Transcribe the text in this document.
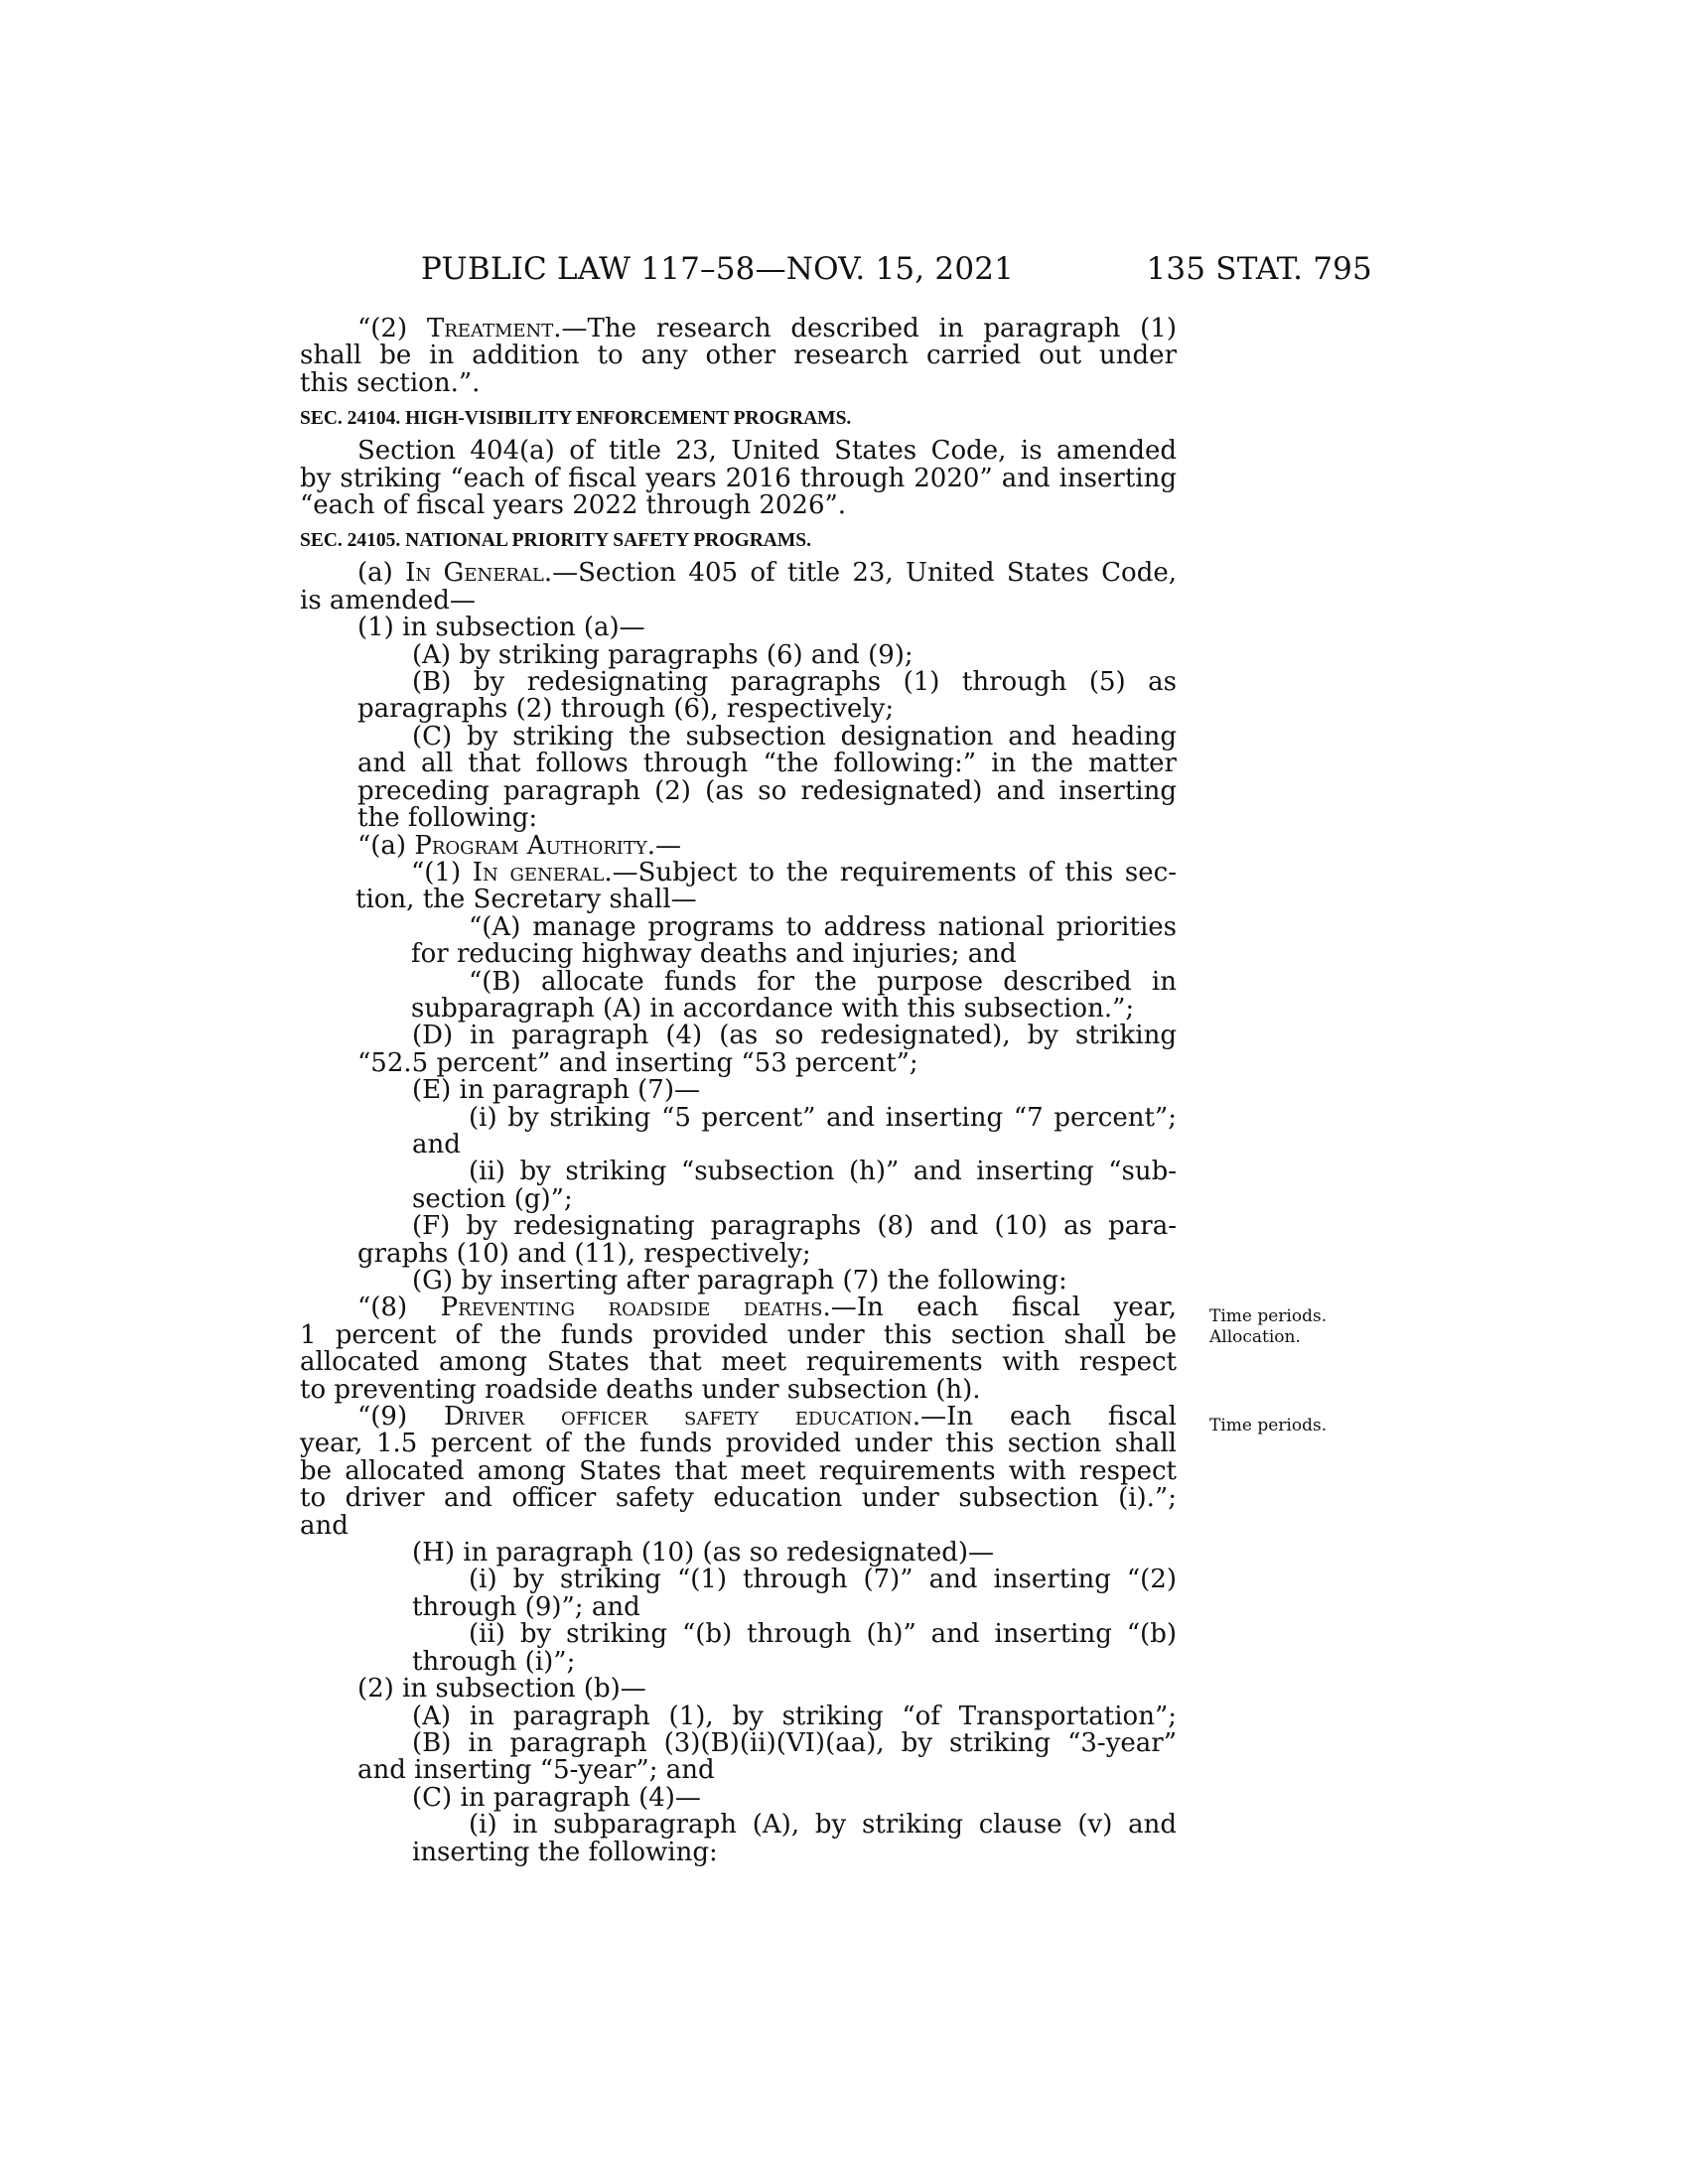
PUBLIC LAW 117–58—NOV. 15, 2021	135 STAT. 795
“(2) Treatment.—The research described in paragraph (1)
shall be in addition to any other research carried out under
this section.”.
SEC. 24104. HIGH-VISIBILITY ENFORCEMENT PROGRAMS.
Section 404(a) of title 23, United States Code, is amended
by striking “each of fiscal years 2016 through 2020” and inserting
“each of fiscal years 2022 through 2026”.
SEC. 24105. NATIONAL PRIORITY SAFETY PROGRAMS.
(a) In General.—Section 405 of title 23, United States Code,
is amended—
(1) in subsection (a)—
(A) by striking paragraphs (6) and (9);
(B) by redesignating paragraphs (1) through (5) as
paragraphs (2) through (6), respectively;
(C) by striking the subsection designation and heading
and all that follows through “the following:” in the matter
preceding paragraph (2) (as so redesignated) and inserting
the following:
“(a) Program Authority.—
“(1) In general.—Subject to the requirements of this sec-
tion, the Secretary shall—
“(A) manage programs to address national priorities
for reducing highway deaths and injuries; and
“(B) allocate funds for the purpose described in
subparagraph (A) in accordance with this subsection.”;
(D) in paragraph (4) (as so redesignated), by striking
“52.5 percent” and inserting “53 percent”;
(E) in paragraph (7)—
(i) by striking “5 percent” and inserting “7 percent”;
and
(ii) by striking “subsection (h)” and inserting “sub-
section (g)”;
(F) by redesignating paragraphs (8) and (10) as para-
graphs (10) and (11), respectively;
(G) by inserting after paragraph (7) the following:
“(8) Preventing roadside deaths.—In each fiscal year,
1 percent of the funds provided under this section shall be
allocated among States that meet requirements with respect
to preventing roadside deaths under subsection (h).
“(9) Driver officer safety education.—In each fiscal
year, 1.5 percent of the funds provided under this section shall
be allocated among States that meet requirements with respect
to driver and officer safety education under subsection (i).”;
and
(H) in paragraph (10) (as so redesignated)—
(i) by striking “(1) through (7)” and inserting “(2)
through (9)”; and
(ii) by striking “(b) through (h)” and inserting “(b)
through (i)”;
(2) in subsection (b)—
(A) in paragraph (1), by striking “of Transportation”;
(B) in paragraph (3)(B)(ii)(VI)(aa), by striking “3-year”
and inserting “5-year”; and
(C) in paragraph (4)—
(i) in subparagraph (A), by striking clause (v) and
inserting the following:
Time periods.
Allocation.
Time periods.
